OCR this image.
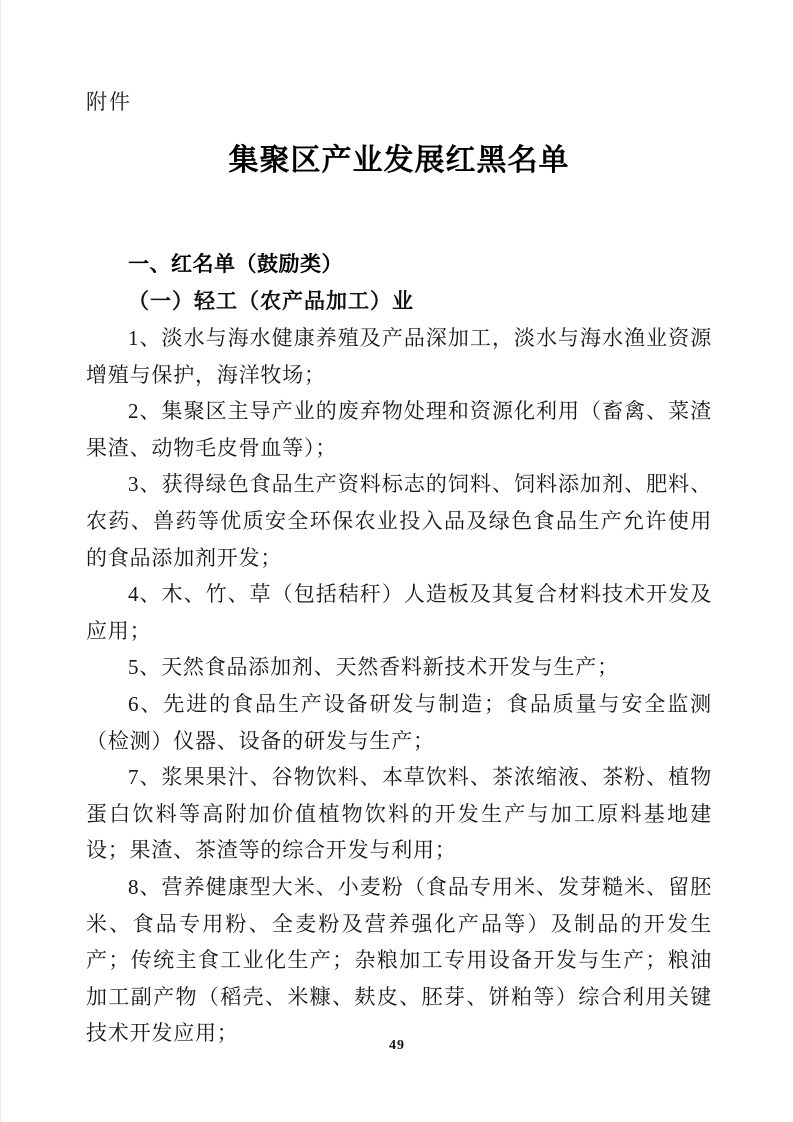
附件
集聚区产业发展红黑名单
一、红名单（鼓励类）
（一）轻工（农产品加工）业

1、淡水与海水健康养殖及产品深加工，淡水与海水渔业资源增殖与保护，海洋牧场；

2、集聚区主导产业的废弃物处理和资源化利用（畜禽、菜渣果渣、动物毛皮骨血等）；

3、获得绿色食品生产资料标志的饲料、饲料添加剂、肥料、农药、兽药等优质安全环保农业投入品及绿色食品生产允许使用的食品添加剂开发；

4、木、竹、草（包括秸秆）人造板及其复合材料技术开发及应用；

5、天然食品添加剂、天然香料新技术开发与生产；

6、先进的食品生产设备研发与制造；食品质量与安全监测（检测）仪器、设备的研发与生产；

7、浆果果汁、谷物饮料、本草饮料、茶浓缩液、茶粉、植物蛋白饮料等高附加价值植物饮料的开发生产与加工原料基地建设；果渣、茶渣等的综合开发与利用；

8、营养健康型大米、小麦粉（食品专用米、发芽糙米、留胚米、食品专用粉、全麦粉及营养强化产品等）及制品的开发生产；传统主食工业化生产；杂粮加工专用设备开发与生产；粮油加工副产物（稻壳、米糠、麸皮、胚芽、饼粕等）综合利用关键技术开发应用；

49
